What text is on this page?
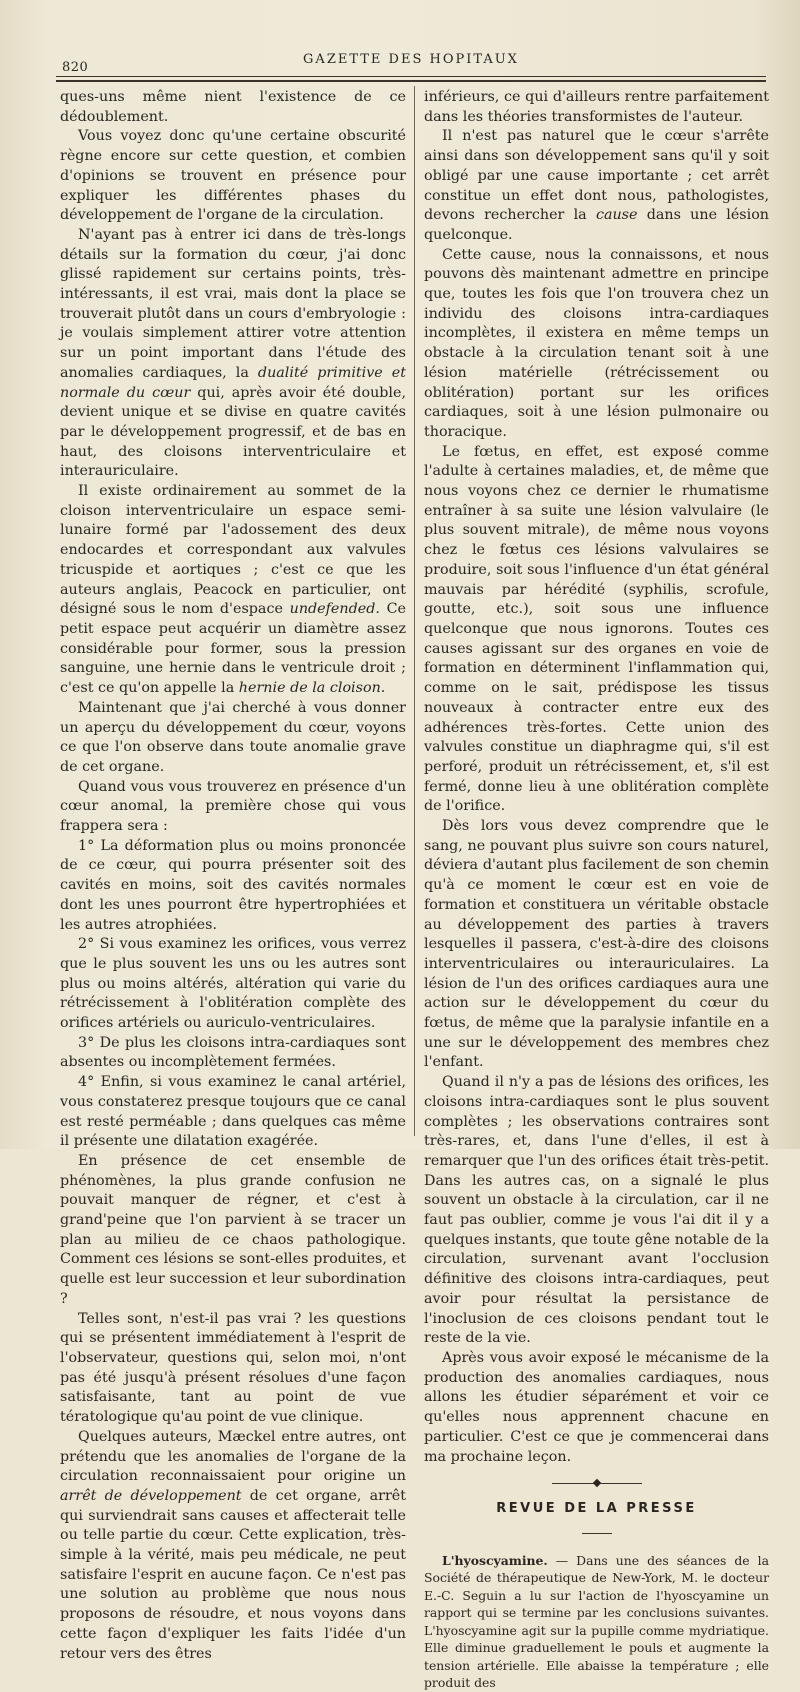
820
GAZETTE DES HOPITAUX

ques-uns même nient l'existence de ce dédoublement.

Vous voyez donc qu'une certaine obscurité règne encore sur cette question, et combien d'opinions se trouvent en présence pour expliquer les différentes phases du développement de l'organe de la circulation.

N'ayant pas à entrer ici dans de très-longs détails sur la formation du cœur, j'ai donc glissé rapidement sur certains points, très-intéressants, il est vrai, mais dont la place se trouverait plutôt dans un cours d'embryologie : je voulais simplement attirer votre attention sur un point important dans l'étude des anomalies cardiaques, la dualité primitive et normale du cœur qui, après avoir été double, devient unique et se divise en quatre cavités par le développement progressif, et de bas en haut, des cloisons interventriculaire et interauriculaire.

Il existe ordinairement au sommet de la cloison interventriculaire un espace semi-lunaire formé par l'adossement des deux endocardes et correspondant aux valvules tricuspide et aortiques ; c'est ce que les auteurs anglais, Peacock en particulier, ont désigné sous le nom d'espace undefended. Ce petit espace peut acquérir un diamètre assez considérable pour former, sous la pression sanguine, une hernie dans le ventricule droit ; c'est ce qu'on appelle la hernie de la cloison.

Maintenant que j'ai cherché à vous donner un aperçu du développement du cœur, voyons ce que l'on observe dans toute anomalie grave de cet organe.

Quand vous vous trouverez en présence d'un cœur anomal, la première chose qui vous frappera sera :

1° La déformation plus ou moins prononcée de ce cœur, qui pourra présenter soit des cavités en moins, soit des cavités normales dont les unes pourront être hypertrophiées et les autres atrophiées.

2° Si vous examinez les orifices, vous verrez que le plus souvent les uns ou les autres sont plus ou moins altérés, altération qui varie du rétrécissement à l'oblitération complète des orifices artériels ou auriculo-ventriculaires.

3° De plus les cloisons intra-cardiaques sont absentes ou incomplètement fermées.

4° Enfin, si vous examinez le canal artériel, vous constaterez presque toujours que ce canal est resté perméable ; dans quelques cas même il présente une dilatation exagérée.

En présence de cet ensemble de phénomènes, la plus grande confusion ne pouvait manquer de régner, et c'est à grand'peine que l'on parvient à se tracer un plan au milieu de ce chaos pathologique. Comment ces lésions se sont-elles produites, et quelle est leur succession et leur subordination ?

Telles sont, n'est-il pas vrai ? les questions qui se présentent immédiatement à l'esprit de l'observateur, questions qui, selon moi, n'ont pas été jusqu'à présent résolues d'une façon satisfaisante, tant au point de vue tératologique qu'au point de vue clinique.

Quelques auteurs, Mæckel entre autres, ont prétendu que les anomalies de l'organe de la circulation reconnaissaient pour origine un arrêt de développement de cet organe, arrêt qui surviendrait sans causes et affecterait telle ou telle partie du cœur. Cette explication, très-simple à la vérité, mais peu médicale, ne peut satisfaire l'esprit en aucune façon. Ce n'est pas une solution au problème que nous nous proposons de résoudre, et nous voyons dans cette façon d'expliquer les faits l'idée d'un retour vers des êtres

inférieurs, ce qui d'ailleurs rentre parfaitement dans les théories transformistes de l'auteur.

Il n'est pas naturel que le cœur s'arrête ainsi dans son développement sans qu'il y soit obligé par une cause importante ; cet arrêt constitue un effet dont nous, pathologistes, devons rechercher la cause dans une lésion quelconque.

Cette cause, nous la connaissons, et nous pouvons dès maintenant admettre en principe que, toutes les fois que l'on trouvera chez un individu des cloisons intra-cardiaques incomplètes, il existera en même temps un obstacle à la circulation tenant soit à une lésion matérielle (rétrécissement ou oblitération) portant sur les orifices cardiaques, soit à une lésion pulmonaire ou thoracique.

Le fœtus, en effet, est exposé comme l'adulte à certaines maladies, et, de même que nous voyons chez ce dernier le rhumatisme entraîner à sa suite une lésion valvulaire (le plus souvent mitrale), de même nous voyons chez le fœtus ces lésions valvulaires se produire, soit sous l'influence d'un état général mauvais par hérédité (syphilis, scrofule, goutte, etc.), soit sous une influence quelconque que nous ignorons. Toutes ces causes agissant sur des organes en voie de formation en déterminent l'inflammation qui, comme on le sait, prédispose les tissus nouveaux à contracter entre eux des adhérences très-fortes. Cette union des valvules constitue un diaphragme qui, s'il est perforé, produit un rétrécissement, et, s'il est fermé, donne lieu à une oblitération complète de l'orifice.

Dès lors vous devez comprendre que le sang, ne pouvant plus suivre son cours naturel, déviera d'autant plus facilement de son chemin qu'à ce moment le cœur est en voie de formation et constituera un véritable obstacle au développement des parties à travers lesquelles il passera, c'est-à-dire des cloisons interventriculaires ou interauriculaires. La lésion de l'un des orifices cardiaques aura une action sur le développement du cœur du fœtus, de même que la paralysie infantile en a une sur le développement des membres chez l'enfant.

Quand il n'y a pas de lésions des orifices, les cloisons intra-cardiaques sont le plus souvent complètes ; les observations contraires sont très-rares, et, dans l'une d'elles, il est à remarquer que l'un des orifices était très-petit. Dans les autres cas, on a signalé le plus souvent un obstacle à la circulation, car il ne faut pas oublier, comme je vous l'ai dit il y a quelques instants, que toute gêne notable de la circulation, survenant avant l'occlusion définitive des cloisons intra-cardiaques, peut avoir pour résultat la persistance de l'inoclusion de ces cloisons pendant tout le reste de la vie.

Après vous avoir exposé le mécanisme de la production des anomalies cardiaques, nous allons les étudier séparément et voir ce qu'elles nous apprennent chacune en particulier. C'est ce que je commencerai dans ma prochaine leçon.

REVUE DE LA PRESSE

L'hyoscyamine. — Dans une des séances de la Société de thérapeutique de New-York, M. le docteur E.-C. Seguin a lu sur l'action de l'hyoscyamine un rapport qui se termine par les conclusions suivantes. L'hyoscyamine agit sur la pupille comme mydriatique. Elle diminue graduellement le pouls et augmente la tension artérielle. Elle abaisse la température ; elle produit des
